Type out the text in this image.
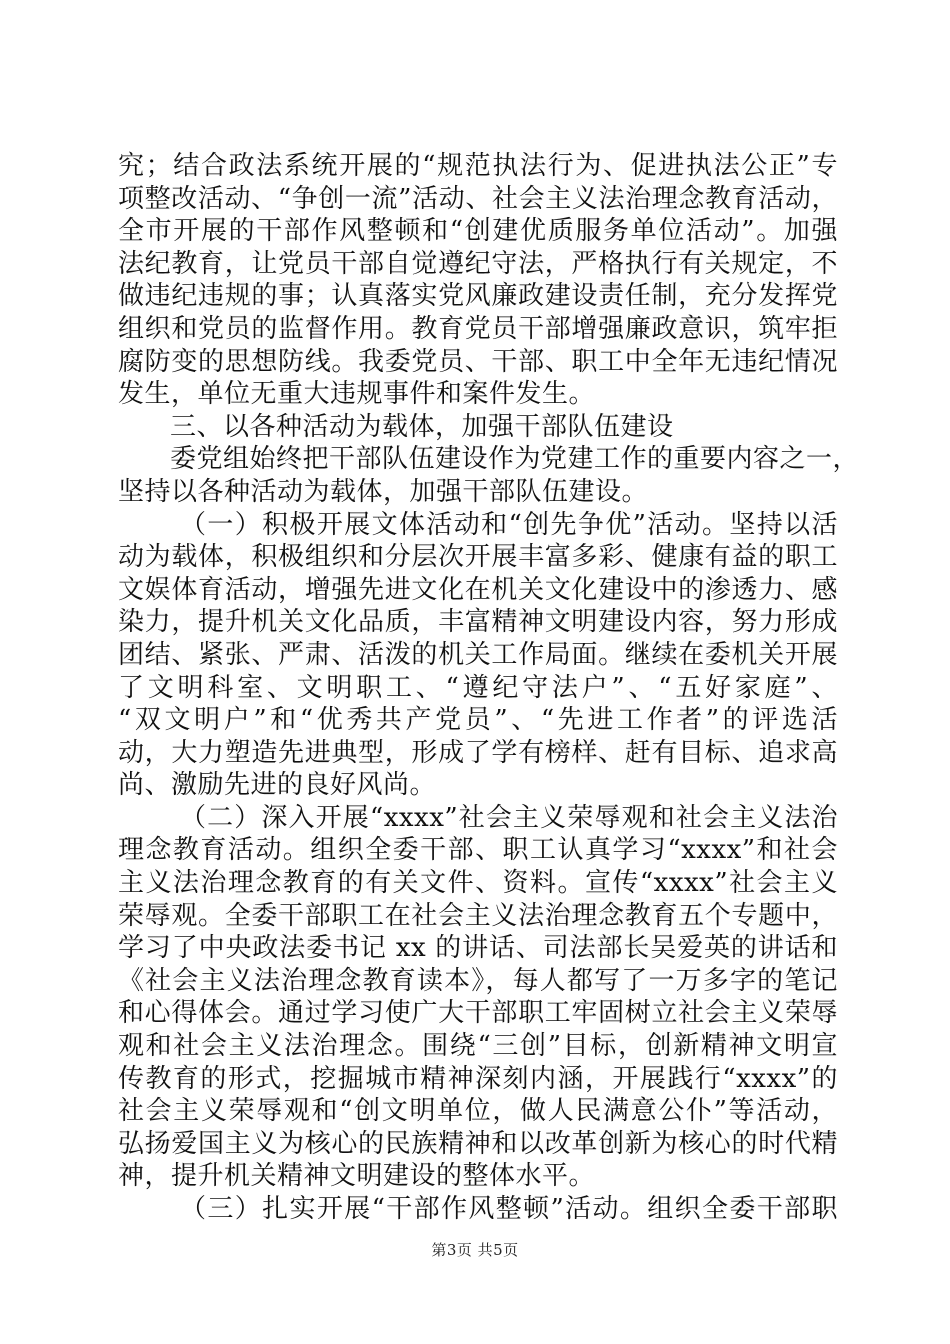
究；结合政法系统开展的“规范执法行为、促进执法公正”专
项整改活动、“争创一流”活动、社会主义法治理念教育活动，
全市开展的干部作风整顿和“创建优质服务单位活动”。加强
法纪教育，让党员干部自觉遵纪守法，严格执行有关规定，不
做违纪违规的事；认真落实党风廉政建设责任制，充分发挥党
组织和党员的监督作用。教育党员干部增强廉政意识，筑牢拒
腐防变的思想防线。我委党员、干部、职工中全年无违纪情况
发生，单位无重大违规事件和案件发生。
三、以各种活动为载体，加强干部队伍建设
委党组始终把干部队伍建设作为党建工作的重要内容之一，
坚持以各种活动为载体，加强干部队伍建设。
（一）积极开展文体活动和“创先争优”活动。坚持以活
动为载体，积极组织和分层次开展丰富多彩、健康有益的职工
文娱体育活动，增强先进文化在机关文化建设中的渗透力、感
染力，提升机关文化品质，丰富精神文明建设内容，努力形成
团结、紧张、严肃、活泼的机关工作局面。继续在委机关开展
了文明科室、文明职工、“遵纪守法户”、“五好家庭”、
“双文明户”和“优秀共产党员”、“先进工作者”的评选活
动，大力塑造先进典型，形成了学有榜样、赶有目标、追求高
尚、激励先进的良好风尚。
（二）深入开展“xxxx”社会主义荣辱观和社会主义法治
理念教育活动。组织全委干部、职工认真学习“xxxx”和社会
主义法治理念教育的有关文件、资料。宣传“xxxx”社会主义
荣辱观。全委干部职工在社会主义法治理念教育五个专题中，
学习了中央政法委书记 xx 的讲话、司法部长吴爱英的讲话和
《社会主义法治理念教育读本》，每人都写了一万多字的笔记
和心得体会。通过学习使广大干部职工牢固树立社会主义荣辱
观和社会主义法治理念。围绕“三创”目标，创新精神文明宣
传教育的形式，挖掘城市精神深刻内涵，开展践行“xxxx”的
社会主义荣辱观和“创文明单位，做人民满意公仆”等活动，
弘扬爱国主义为核心的民族精神和以改革创新为核心的时代精
神，提升机关精神文明建设的整体水平。
（三）扎实开展“干部作风整顿”活动。组织全委干部职
第3页 共5页
